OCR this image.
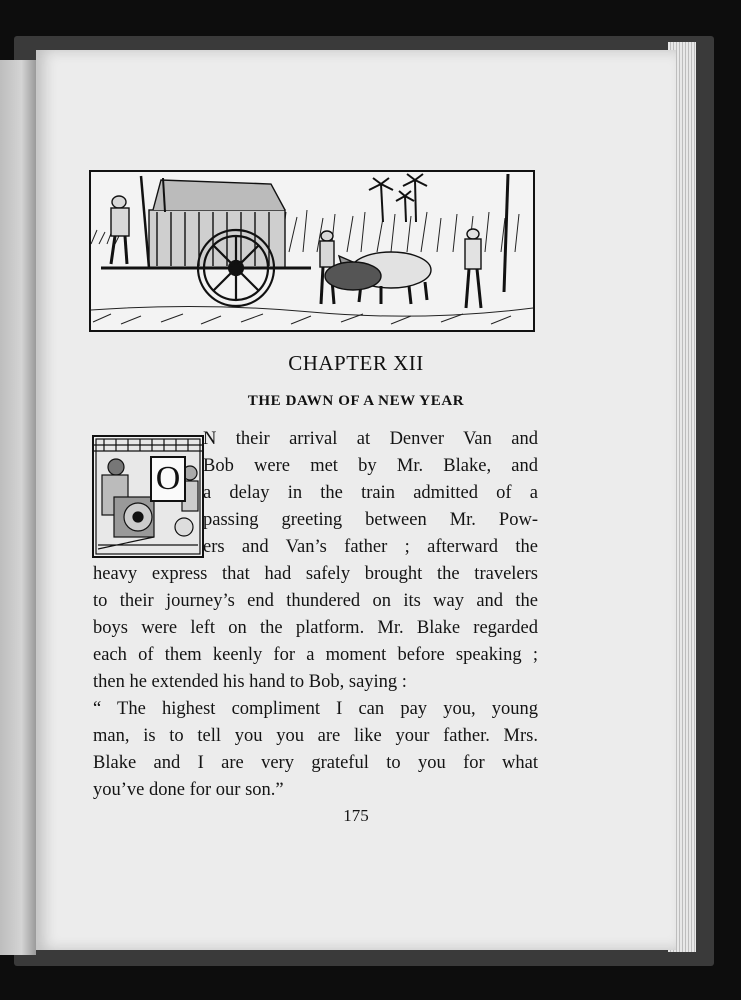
CHAPTER XII
THE DAWN OF A NEW YEAR
O
N their arrival at Denver Van and
Bob were met by Mr. Blake, and
a delay in the train admitted of a
passing greeting between Mr. Pow-
ers and Van’s father ; afterward the
heavy express that had safely brought the travelers
to their journey’s end thundered on its way and the
boys were left on the platform. Mr. Blake regarded
each of them keenly for a moment before speaking ;
then he extended his hand to Bob, saying :
“ The highest compliment I can pay you, young
man, is to tell you you are like your father. Mrs.
Blake and I are very grateful to you for what
you’ve done for our son.”
175
